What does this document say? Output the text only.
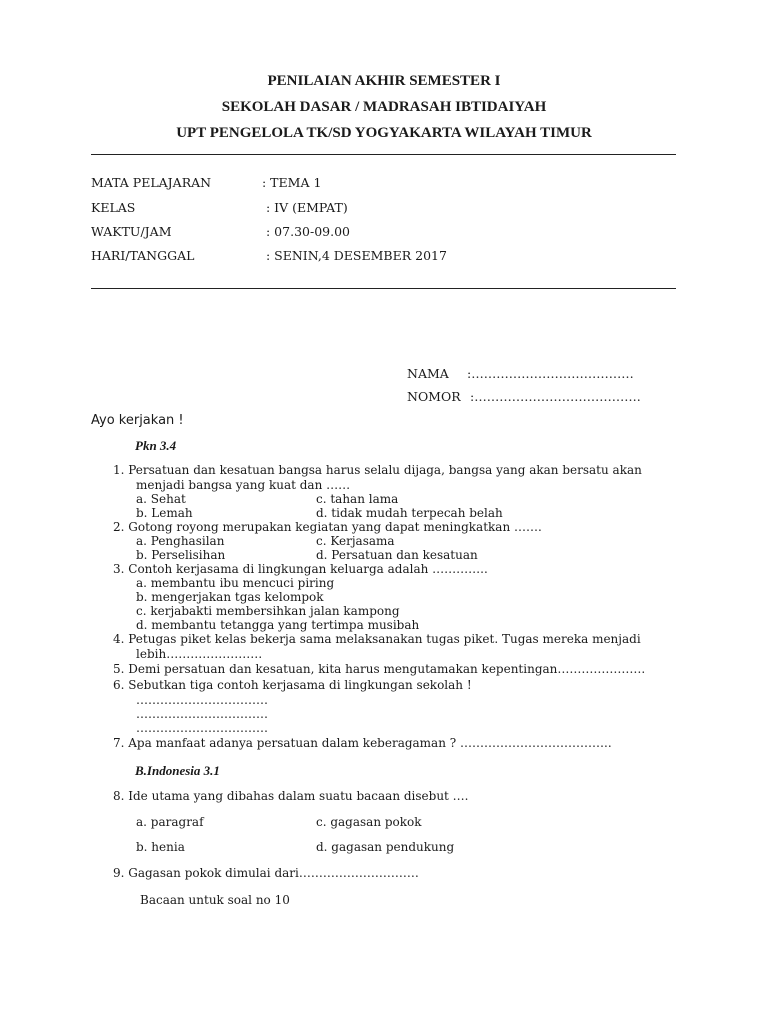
PENILAIAN AKHIR SEMESTER I
SEKOLAH DASAR / MADRASAH IBTIDAIYAH
UPT PENGELOLA TK/SD YOGYAKARTA WILAYAH TIMUR
MATA PELAJARAN	: TEMA 1
KELAS	: IV (EMPAT)
WAKTU/JAM	: 07.30-09.00
HARI/TANGGAL	: SENIN,4 DESEMBER 2017
NAMA :…………………………………
NOMOR :………………………………….
Ayo kerjakan !
Pkn 3.4
1. Persatuan dan kesatuan bangsa harus selalu dijaga, bangsa yang akan bersatu akan
menjadi bangsa yang kuat dan ……
a. Sehat	c. tahan lama
b. Lemah	d. tidak mudah terpecah belah
2. Gotong royong merupakan kegiatan yang dapat meningkatkan …….
a. Penghasilan	c. Kerjasama
b. Perselisihan	d. Persatuan dan kesatuan
3. Contoh kerjasama di lingkungan keluarga adalah …………..
a. membantu ibu mencuci piring
b. mengerjakan tgas kelompok
c. kerjabakti membersihkan jalan kampong
d. membantu tetangga yang tertimpa musibah
4. Petugas piket kelas bekerja sama melaksanakan tugas piket. Tugas mereka menjadi
lebih……………………
5. Demi persatuan dan kesatuan, kita harus mengutamakan kepentingan………………….
6. Sebutkan tiga contoh kerjasama di lingkungan sekolah !
……………………………
……………………………
……………………………
7. Apa manfaat adanya persatuan dalam keberagaman ? ………………………………..
B.Indonesia 3.1
8. Ide utama yang dibahas dalam suatu bacaan disebut ….
a. paragraf	c. gagasan pokok
b. henia	d. gagasan pendukung
9. Gagasan pokok dimulai dari…………………………
Bacaan untuk soal no 10
